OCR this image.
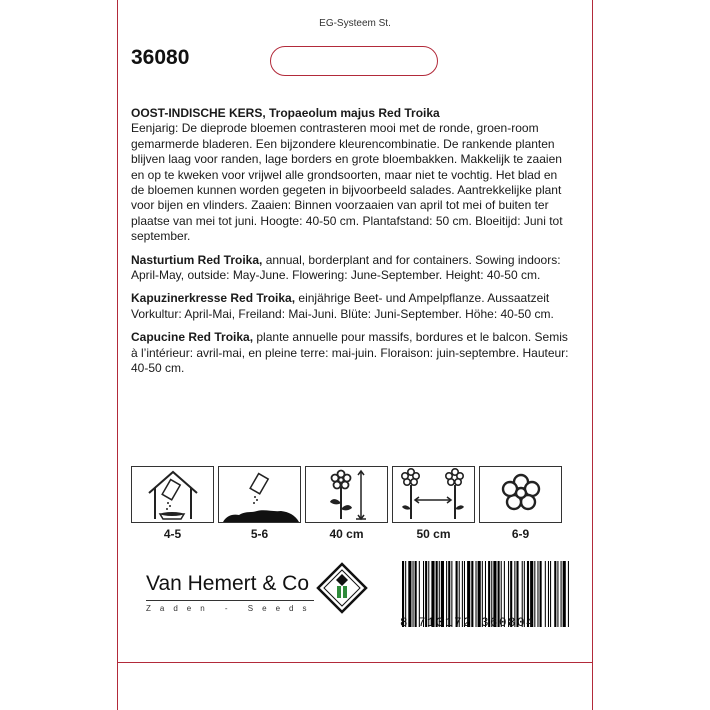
EG-Systeem St.
36080

OOST-INDISCHE KERS, Tropaeolum majus Red Troika
Eenjarig: De dieprode bloemen contrasteren mooi met de ronde, groen-room gemarmerde bladeren. Een bijzondere kleurencombinatie. De rankende planten blijven laag voor randen, lage borders en grote bloembakken. Makkelijk te zaaien en op te kweken voor vrijwel alle grondsoorten, maar niet te vochtig. Het blad en de bloemen kunnen worden gegeten in bijvoorbeeld salades. Aantrekkelijke plant voor bijen en vlinders. Zaaien: Binnen voorzaaien van april tot mei of buiten ter plaatse van mei tot juni. Hoogte: 40-50 cm. Plantafstand: 50 cm. Bloeitijd: Juni tot september.

Nasturtium Red Troika, annual, borderplant and for containers. Sowing indoors: April-May, outside: May-June. Flowering: June-September. Height: 40-50 cm.

Kapuzinerkresse Red Troika, einjährige Beet- und Ampelpflanze. Aussaatzeit Vorkultur: April-Mai, Freiland: Mai-Juni. Blüte: Juni-September. Höhe: 40-50 cm.

Capucine Red Troika, plante annuelle pour massifs, bordures et le balcon. Semis à l’intérieur: avril-mai, en pleine terre: mai-juin. Floraison: juin-septembre. Hauteur: 40-50 cm.

4-5	5-6	40 cm	50 cm	6-9
Van Hemert & Co
Zaden - Seeds
8 713172 360804
